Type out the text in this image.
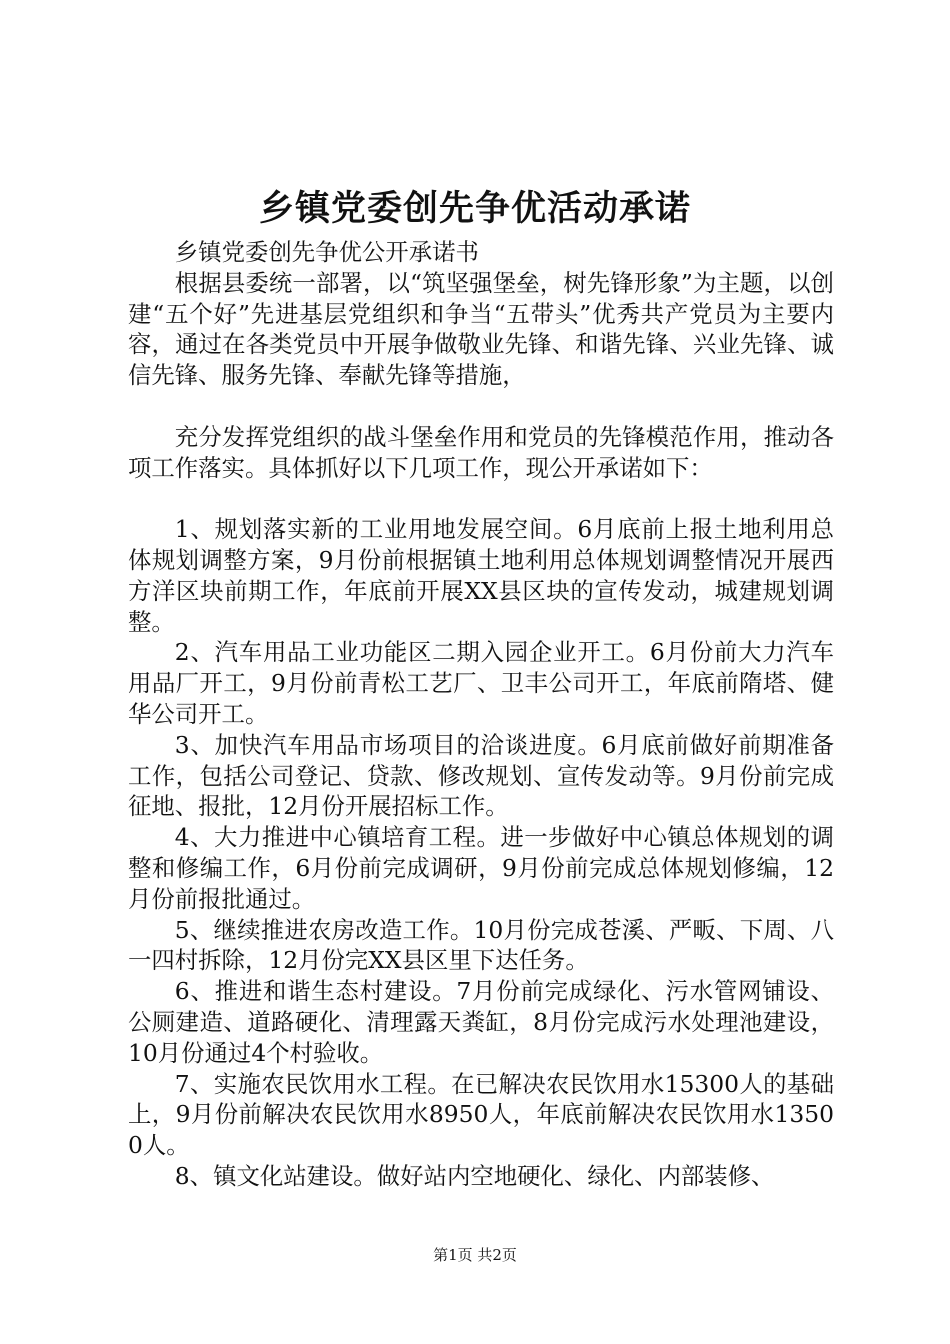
乡镇党委创先争优活动承诺

乡镇党委创先争优公开承诺书

根据县委统一部署，以“筑坚强堡垒，树先锋形象”为主题，以创建“五个好”先进基层党组织和争当“五带头”优秀共产党员为主要内容，通过在各类党员中开展争做敬业先锋、和谐先锋、兴业先锋、诚信先锋、服务先锋、奉献先锋等措施，

充分发挥党组织的战斗堡垒作用和党员的先锋模范作用，推动各项工作落实。具体抓好以下几项工作，现公开承诺如下：

1、规划落实新的工业用地发展空间。6月底前上报土地利用总体规划调整方案，9月份前根据镇土地利用总体规划调整情况开展西方洋区块前期工作，年底前开展XX县区块的宣传发动，城建规划调整。

2、汽车用品工业功能区二期入园企业开工。6月份前大力汽车用品厂开工，9月份前青松工艺厂、卫丰公司开工，年底前隋塔、健华公司开工。

3、加快汽车用品市场项目的洽谈进度。6月底前做好前期准备工作，包括公司登记、贷款、修改规划、宣传发动等。9月份前完成征地、报批，12月份开展招标工作。

4、大力推进中心镇培育工程。进一步做好中心镇总体规划的调整和修编工作，6月份前完成调研，9月份前完成总体规划修编，12月份前报批通过。

5、继续推进农房改造工作。10月份完成苍溪、严畈、下周、八一四村拆除，12月份完XX县区里下达任务。

6、推进和谐生态村建设。7月份前完成绿化、污水管网铺设、公厕建造、道路硬化、清理露天粪缸，8月份完成污水处理池建设，10月份通过4个村验收。

7、实施农民饮用水工程。在已解决农民饮用水15300人的基础上，9月份前解决农民饮用水8950人，年底前解决农民饮用水13500人。

8、镇文化站建设。做好站内空地硬化、绿化、内部装修、

第1页 共2页
